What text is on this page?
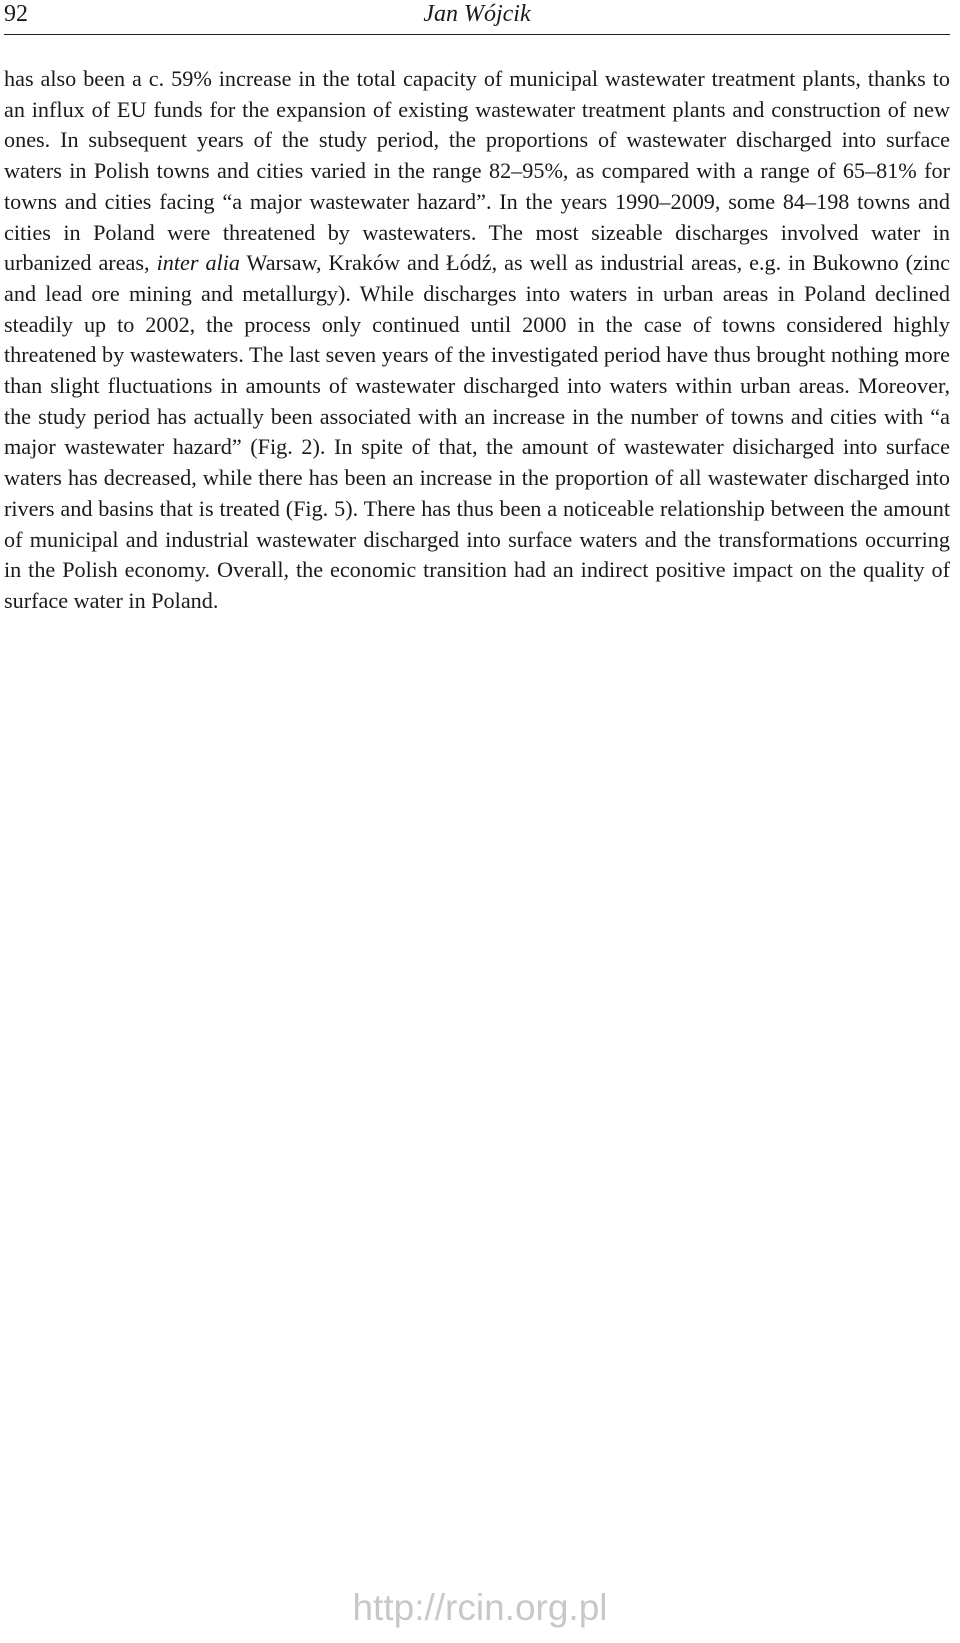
92	Jan Wójcik

has also been a c. 59% increase in the total capacity of municipal wastewater treatment plants, thanks to an influx of EU funds for the expansion of existing wastewater treatment plants and construction of new ones. In subsequent years of the study period, the proportions of wastewater discharged into surface waters in Polish towns and cities varied in the range 82–95%, as compared with a range of 65–81% for towns and cities facing “a major wastewater hazard”. In the years 1990–2009, some 84–198 towns and cities in Poland were threatened by wastewaters. The most sizeable discharges involved water in urbanized areas, inter alia Warsaw, Kraków and Łódź, as well as industrial areas, e.g. in Bukowno (zinc and lead ore mining and metallurgy). While discharges into waters in urban areas in Poland declined steadily up to 2002, the process only continued until 2000 in the case of towns considered highly threatened by wastewaters. The last seven years of the investigated period have thus brought nothing more than slight fluctuations in amounts of wastewater discharged into waters within urban areas. Moreover, the study period has actually been associated with an increase in the number of towns and cities with “a major wastewater hazard” (Fig. 2). In spite of that, the amount of wastewater disicharged into surface waters has decreased, while there has been an increase in the proportion of all wastewater discharged into rivers and basins that is treated (Fig. 5). There has thus been a noticeable relationship between the amount of municipal and industrial wastewater discharged into surface waters and the transformations occurring in the Polish economy. Overall, the economic transition had an indirect positive impact on the quality of surface water in Poland.

http://rcin.org.pl
